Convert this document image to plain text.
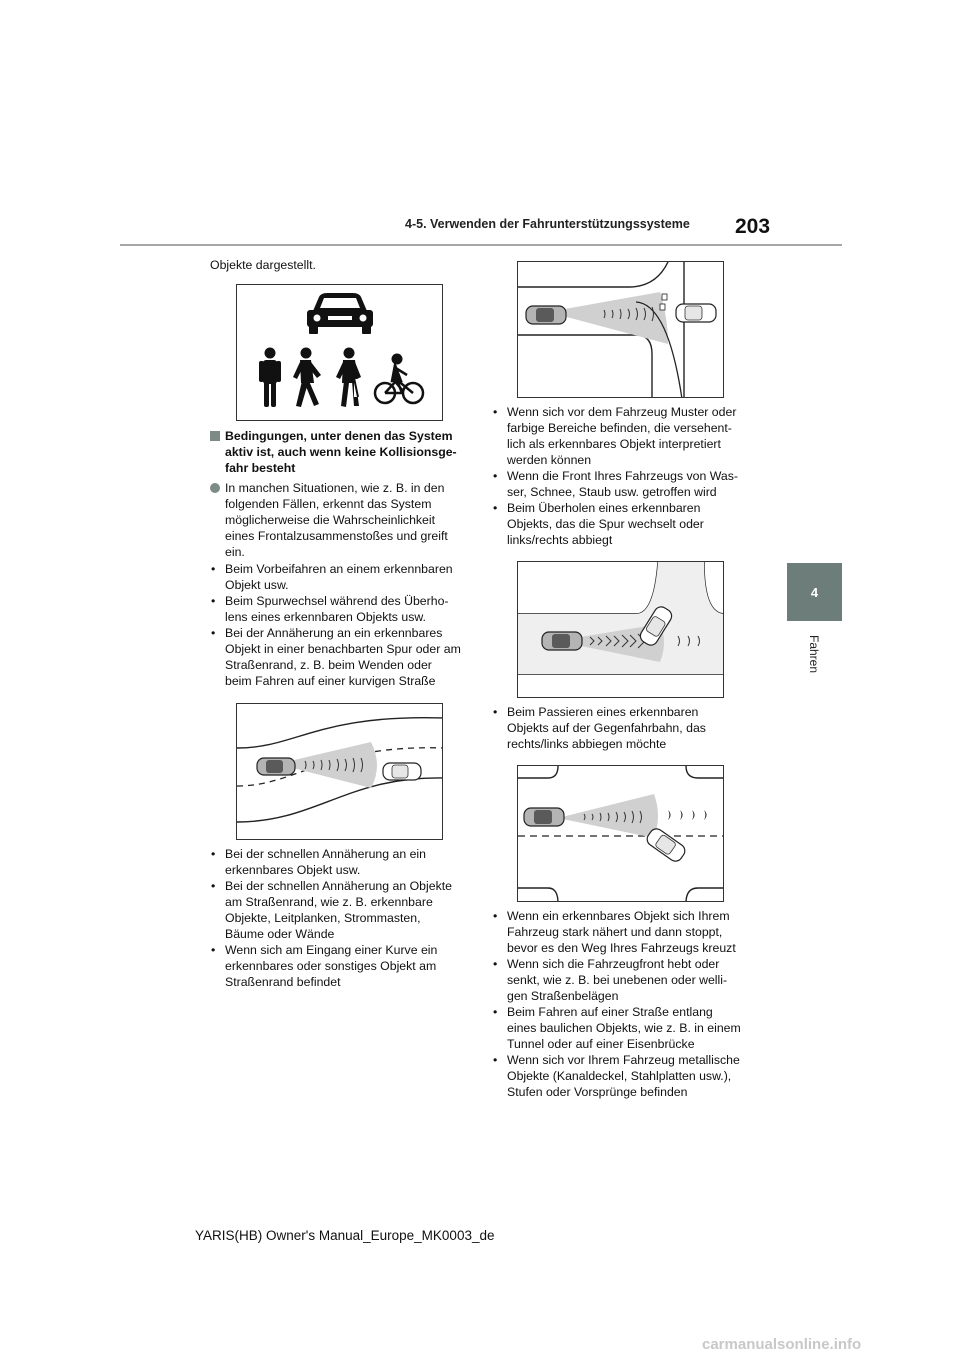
4-5. Verwenden der Fahrunterstützungssysteme 203
4
Fahren
Objekte dargestellt.
Bedingungen, unter denen das System
aktiv ist, auch wenn keine Kollisionsge-
fahr besteht
In manchen Situationen, wie z. B. in den
folgenden Fällen, erkennt das System
möglicherweise die Wahrscheinlichkeit
eines Frontalzusammenstoßes und greift
ein.
• Beim Vorbeifahren an einem erkennbaren
Objekt usw.
• Beim Spurwechsel während des Überho-
lens eines erkennbaren Objekts usw.
• Bei der Annäherung an ein erkennbares
Objekt in einer benachbarten Spur oder am
Straßenrand, z. B. beim Wenden oder
beim Fahren auf einer kurvigen Straße
• Bei der schnellen Annäherung an ein
erkennbares Objekt usw.
• Bei der schnellen Annäherung an Objekte
am Straßenrand, wie z. B. erkennbare
Objekte, Leitplanken, Strommasten,
Bäume oder Wände
• Wenn sich am Eingang einer Kurve ein
erkennbares oder sonstiges Objekt am
Straßenrand befindet
• Wenn sich vor dem Fahrzeug Muster oder
farbige Bereiche befinden, die versehent-
lich als erkennbares Objekt interpretiert
werden können
• Wenn die Front Ihres Fahrzeugs von Was-
ser, Schnee, Staub usw. getroffen wird
• Beim Überholen eines erkennbaren
Objekts, das die Spur wechselt oder
links/rechts abbiegt
• Beim Passieren eines erkennbaren
Objekts auf der Gegenfahrbahn, das
rechts/links abbiegen möchte
• Wenn ein erkennbares Objekt sich Ihrem
Fahrzeug stark nähert und dann stoppt,
bevor es den Weg Ihres Fahrzeugs kreuzt
• Wenn sich die Fahrzeugfront hebt oder
senkt, wie z. B. bei unebenen oder welli-
gen Straßenbelägen
• Beim Fahren auf einer Straße entlang
eines baulichen Objekts, wie z. B. in einem
Tunnel oder auf einer Eisenbrücke
• Wenn sich vor Ihrem Fahrzeug metallische
Objekte (Kanaldeckel, Stahlplatten usw.),
Stufen oder Vorsprünge befinden
YARIS(HB) Owner's Manual_Europe_MK0003_de
carmanualsonline.info
